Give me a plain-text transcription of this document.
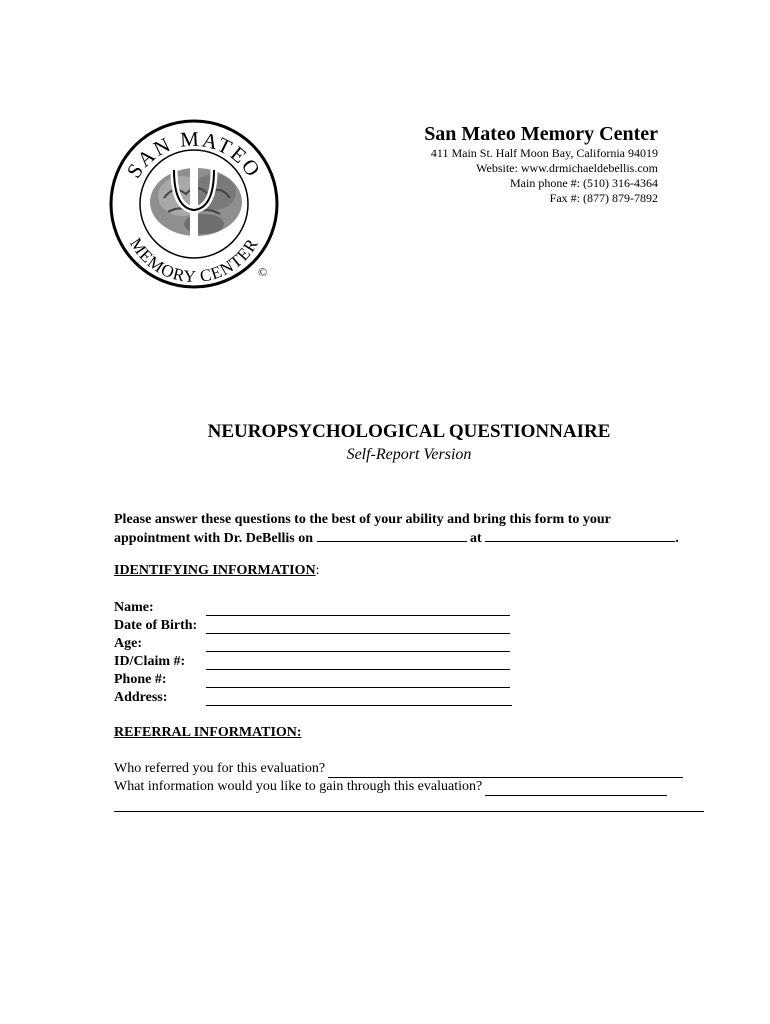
SAN MATEO
MEMORY CENTER
©
San Mateo Memory Center
411 Main St. Half Moon Bay, California 94019
Website: www.drmichaeldebellis.com
Main phone #: (510) 316-4364
Fax #: (877) 879-7892
NEUROPSYCHOLOGICAL QUESTIONNAIRE
Self-Report Version
Please answer these questions to the best of your ability and bring this form to your
appointment with Dr. DeBellis on	at	.
IDENTIFYING INFORMATION:
Name:
Date of Birth:
Age:
ID/Claim #:
Phone #:
Address:
REFERRAL INFORMATION:
Who referred you for this evaluation?
What information would you like to gain through this evaluation?
